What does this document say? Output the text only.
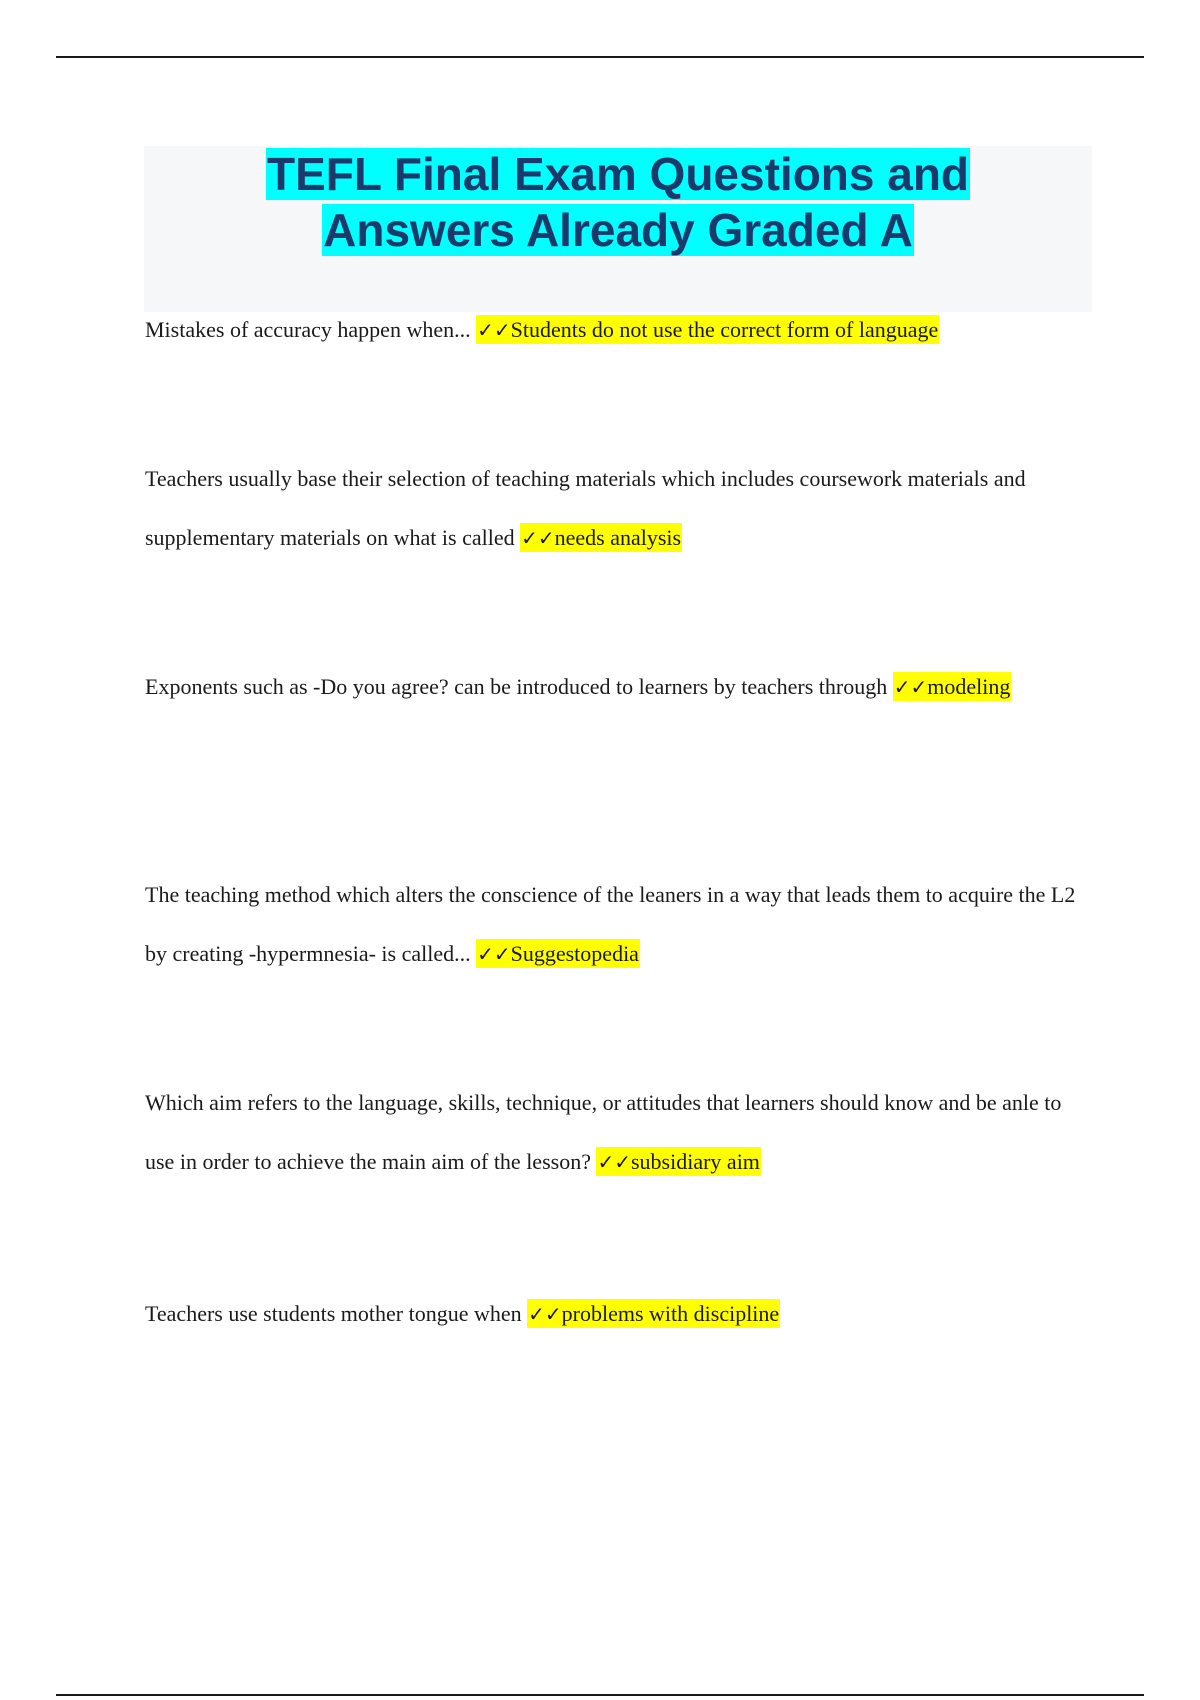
TEFL Final Exam Questions and
Answers Already Graded A

Mistakes of accuracy happen when... ✓✓Students do not use the correct form of language

Teachers usually base their selection of teaching materials which includes coursework materials and supplementary materials on what is called ✓✓needs analysis

Exponents such as -Do you agree? can be introduced to learners by teachers through ✓✓modeling

The teaching method which alters the conscience of the leaners in a way that leads them to acquire the L2 by creating -hypermnesia- is called... ✓✓Suggestopedia

Which aim refers to the language, skills, technique, or attitudes that learners should know and be anle to use in order to achieve the main aim of the lesson? ✓✓subsidiary aim

Teachers use students mother tongue when ✓✓problems with discipline
